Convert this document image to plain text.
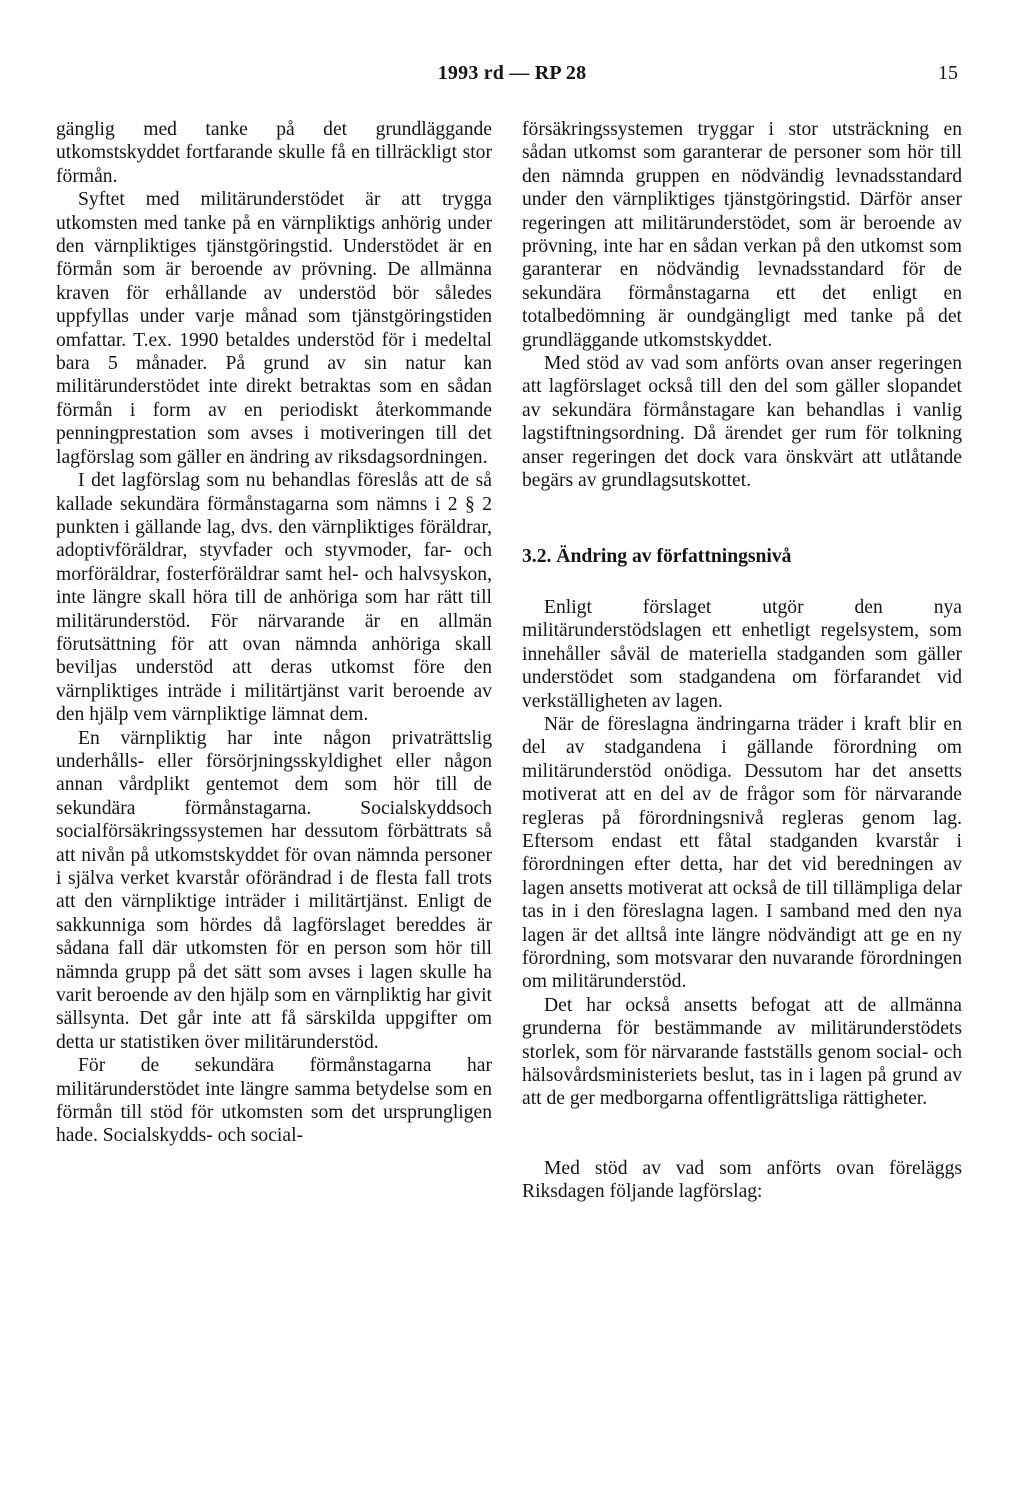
1993 rd — RP 28	15

gänglig med tanke på det grundläggande utkomstskyddet fortfarande skulle få en tillräckligt stor förmån.

Syftet med militärunderstödet är att trygga utkomsten med tanke på en värnpliktigs anhörig under den värnpliktiges tjänstgöringstid. Understödet är en förmån som är beroende av prövning. De allmänna kraven för erhållande av understöd bör således uppfyllas under varje månad som tjänstgöringstiden omfattar. T.ex. 1990 betaldes understöd för i medeltal bara 5 månader. På grund av sin natur kan militärunderstödet inte direkt betraktas som en sådan förmån i form av en periodiskt återkommande penningprestation som avses i motiveringen till det lagförslag som gäller en ändring av riksdagsordningen.

I det lagförslag som nu behandlas föreslås att de så kallade sekundära förmånstagarna som nämns i 2 § 2 punkten i gällande lag, dvs. den värnpliktiges föräldrar, adoptivföräldrar, styvfader och styvmoder, far- och morföräldrar, fosterföräldrar samt hel- och halvsyskon, inte längre skall höra till de anhöriga som har rätt till militärunderstöd. För närvarande är en allmän förutsättning för att ovan nämnda anhöriga skall beviljas understöd att deras utkomst före den värnpliktiges inträde i militärtjänst varit beroende av den hjälp vem värnpliktige lämnat dem.

En värnpliktig har inte någon privaträttslig underhålls- eller försörjningsskyldighet eller någon annan vårdplikt gentemot dem som hör till de sekundära förmånstagarna. Socialskyddsoch socialförsäkringssystemen har dessutom förbättrats så att nivån på utkomstskyddet för ovan nämnda personer i själva verket kvarstår oförändrad i de flesta fall trots att den värnpliktige inträder i militärtjänst. Enligt de sakkunniga som hördes då lagförslaget bereddes är sådana fall där utkomsten för en person som hör till nämnda grupp på det sätt som avses i lagen skulle ha varit beroende av den hjälp som en värnpliktig har givit sällsynta. Det går inte att få särskilda uppgifter om detta ur statistiken över militärunderstöd.

För de sekundära förmånstagarna har militärunderstödet inte längre samma betydelse som en förmån till stöd för utkomsten som det ursprungligen hade. Socialskydds- och social-

försäkringssystemen tryggar i stor utsträckning en sådan utkomst som garanterar de personer som hör till den nämnda gruppen en nödvändig levnadsstandard under den värnpliktiges tjänstgöringstid. Därför anser regeringen att militärunderstödet, som är beroende av prövning, inte har en sådan verkan på den utkomst som garanterar en nödvändig levnadsstandard för de sekundära förmånstagarna ett det enligt en totalbedömning är oundgängligt med tanke på det grundläggande utkomstskyddet.

Med stöd av vad som anförts ovan anser regeringen att lagförslaget också till den del som gäller slopandet av sekundära förmånstagare kan behandlas i vanlig lagstiftningsordning. Då ärendet ger rum för tolkning anser regeringen det dock vara önskvärt att utlåtande begärs av grundlagsutskottet.

3.2. Ändring av författningsnivå

Enligt förslaget utgör den nya militärunderstödslagen ett enhetligt regelsystem, som innehåller såväl de materiella stadganden som gäller understödet som stadgandena om förfarandet vid verkställigheten av lagen.

När de föreslagna ändringarna träder i kraft blir en del av stadgandena i gällande förordning om militärunderstöd onödiga. Dessutom har det ansetts motiverat att en del av de frågor som för närvarande regleras på förordningsnivå regleras genom lag. Eftersom endast ett fåtal stadganden kvarstår i förordningen efter detta, har det vid beredningen av lagen ansetts motiverat att också de till tillämpliga delar tas in i den föreslagna lagen. I samband med den nya lagen är det alltså inte längre nödvändigt att ge en ny förordning, som motsvarar den nuvarande förordningen om militärunderstöd.

Det har också ansetts befogat att de allmänna grunderna för bestämmande av militärunderstödets storlek, som för närvarande fastställs genom social- och hälsovårdsministeriets beslut, tas in i lagen på grund av att de ger medborgarna offentligrättsliga rättigheter.

Med stöd av vad som anförts ovan föreläggs Riksdagen följande lagförslag:
